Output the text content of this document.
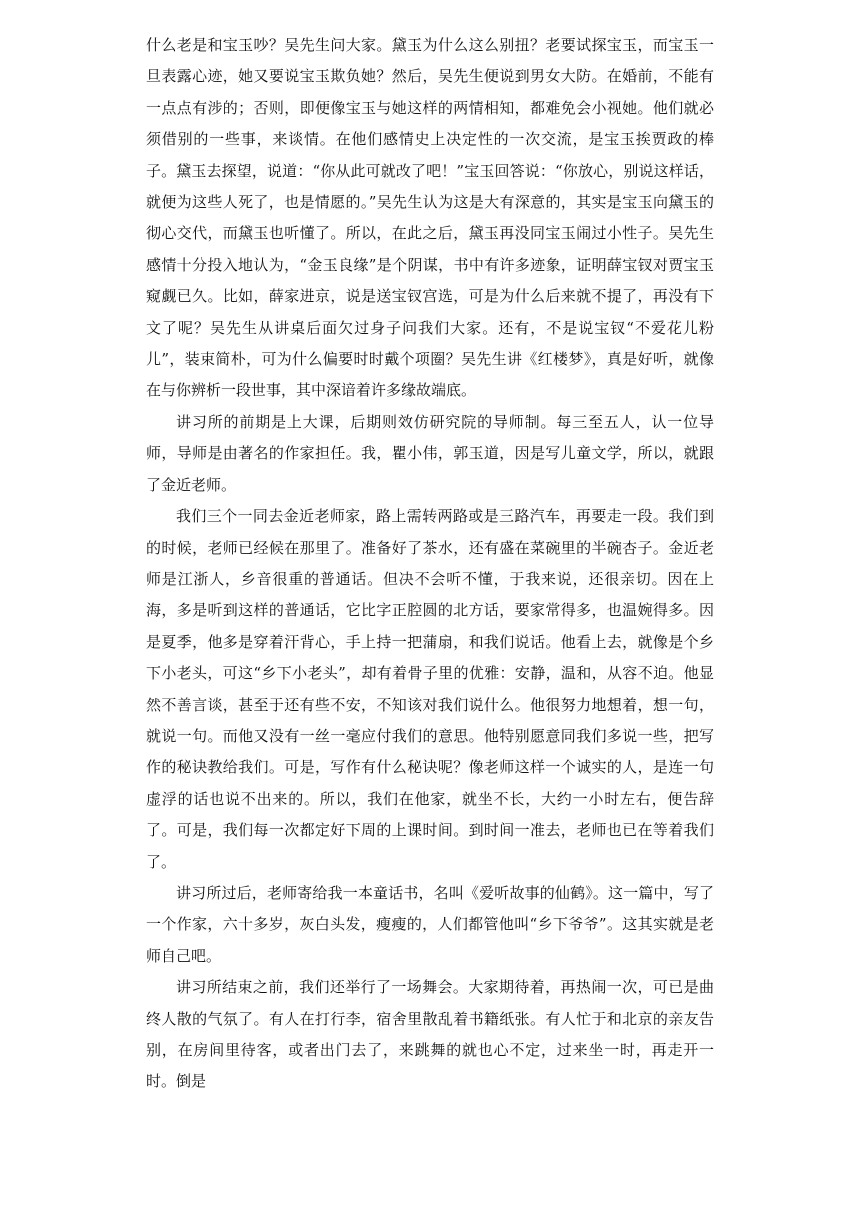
什么老是和宝玉吵？吴先生问大家。黛玉为什么这么别扭？老要试探宝玉，而宝玉一旦表露心迹，她又要说宝玉欺负她？然后，吴先生便说到男女大防。在婚前，不能有一点点有涉的；否则，即便像宝玉与她这样的两情相知，都难免会小视她。他们就必须借别的一些事，来谈情。在他们感情史上决定性的一次交流，是宝玉挨贾政的棒子。黛玉去探望，说道：“你从此可就改了吧！”宝玉回答说：“你放心，别说这样话，就便为这些人死了，也是情愿的。”吴先生认为这是大有深意的，其实是宝玉向黛玉的彻心交代，而黛玉也听懂了。所以，在此之后，黛玉再没同宝玉闹过小性子。吴先生感情十分投入地认为，“金玉良缘”是个阴谋，书中有许多迹象，证明薛宝钗对贾宝玉窥觑已久。比如，薛家进京，说是送宝钗宫选，可是为什么后来就不提了，再没有下文了呢？吴先生从讲桌后面欠过身子问我们大家。还有，不是说宝钗“不爱花儿粉儿”，装束简朴，可为什么偏要时时戴个项圈？吴先生讲《红楼梦》，真是好听，就像在与你辨析一段世事，其中深谙着许多缘故端底。

讲习所的前期是上大课，后期则效仿研究院的导师制。每三至五人，认一位导师，导师是由著名的作家担任。我，瞿小伟，郭玉道，因是写儿童文学，所以，就跟了金近老师。

我们三个一同去金近老师家，路上需转两路或是三路汽车，再要走一段。我们到的时候，老师已经候在那里了。准备好了茶水，还有盛在菜碗里的半碗杏子。金近老师是江浙人，乡音很重的普通话。但决不会听不懂，于我来说，还很亲切。因在上海，多是听到这样的普通话，它比字正腔圆的北方话，要家常得多，也温婉得多。因是夏季，他多是穿着汗背心，手上持一把蒲扇，和我们说话。他看上去，就像是个乡下小老头，可这“乡下小老头”，却有着骨子里的优雅：安静，温和，从容不迫。他显然不善言谈，甚至于还有些不安，不知该对我们说什么。他很努力地想着，想一句，就说一句。而他又没有一丝一毫应付我们的意思。他特别愿意同我们多说一些，把写作的秘诀教给我们。可是，写作有什么秘诀呢？像老师这样一个诚实的人，是连一句虚浮的话也说不出来的。所以，我们在他家，就坐不长，大约一小时左右，便告辞了。可是，我们每一次都定好下周的上课时间。到时间一准去，老师也已在等着我们了。

讲习所过后，老师寄给我一本童话书，名叫《爱听故事的仙鹤》。这一篇中，写了一个作家，六十多岁，灰白头发，瘦瘦的，人们都管他叫“乡下爷爷”。这其实就是老师自己吧。

讲习所结束之前，我们还举行了一场舞会。大家期待着，再热闹一次，可已是曲终人散的气氛了。有人在打行李，宿舍里散乱着书籍纸张。有人忙于和北京的亲友告别，在房间里待客，或者出门去了，来跳舞的就也心不定，过来坐一时，再走开一时。倒是
